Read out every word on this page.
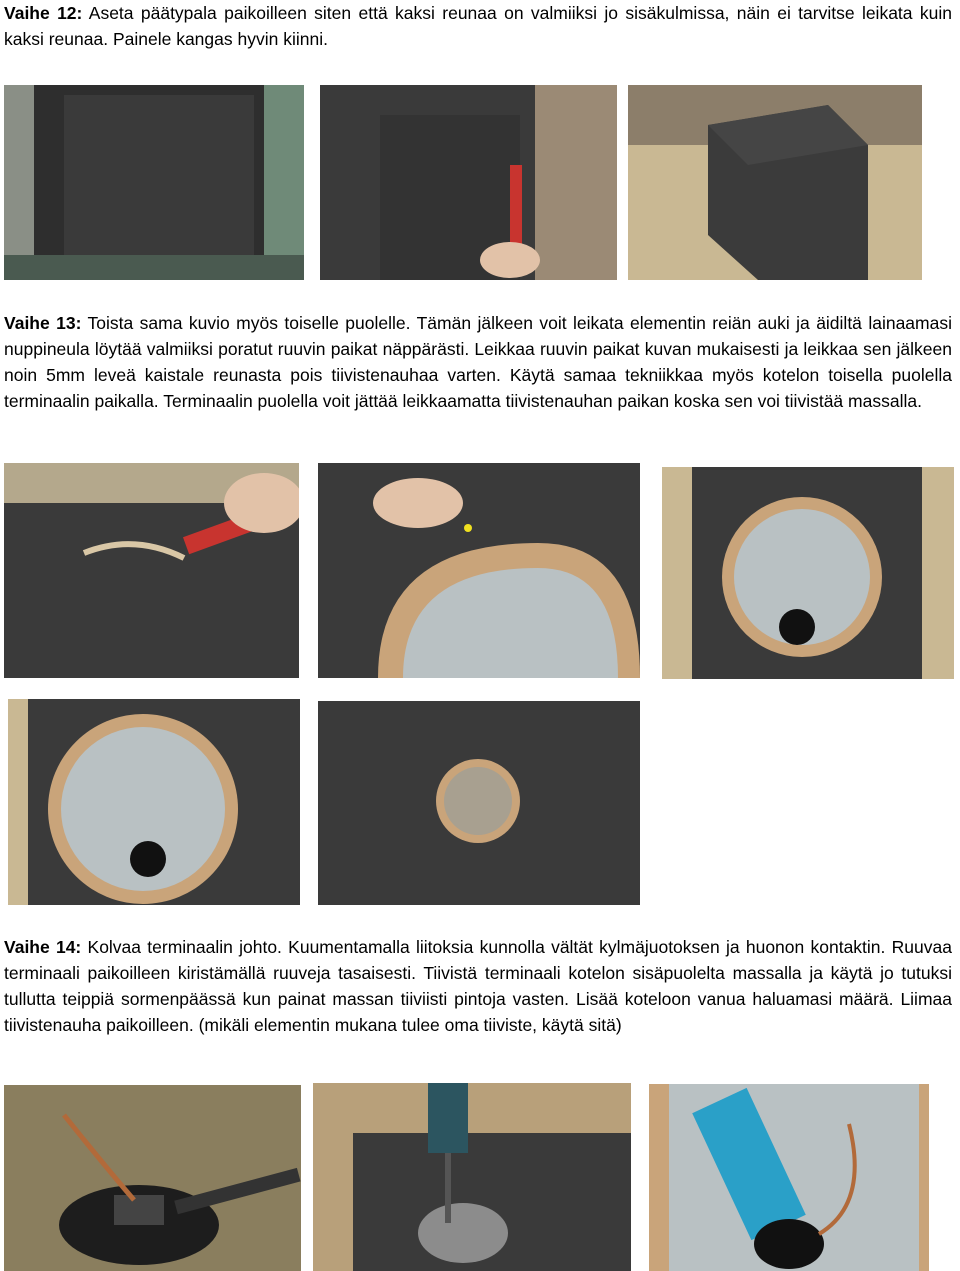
Vaihe 12: Aseta päätypala paikoilleen siten että kaksi reunaa on valmiiksi jo sisäkulmissa, näin ei tarvitse leikata kuin kaksi reunaa. Painele kangas hyvin kiinni.

Vaihe 13: Toista sama kuvio myös toiselle puolelle. Tämän jälkeen voit leikata elementin reiän auki ja äidiltä lainaamasi nuppineula löytää valmiiksi poratut ruuvin paikat näppärästi. Leikkaa ruuvin paikat kuvan mukaisesti ja leikkaa sen jälkeen noin 5mm leveä kaistale reunasta pois tiivistenauhaa varten. Käytä samaa tekniikkaa myös kotelon toisella puolella terminaalin paikalla. Terminaalin puolella voit jättää leikkaamatta tiivistenauhan paikan koska sen voi tiivistää massalla.

Vaihe 14: Kolvaa terminaalin johto. Kuumentamalla liitoksia kunnolla vältät kylmäjuotoksen ja huonon kontaktin. Ruuvaa terminaali paikoilleen kiristämällä ruuveja tasaisesti. Tiivistä terminaali kotelon sisäpuolelta massalla ja käytä jo tutuksi tullutta teippiä sormenpäässä kun painat massan tiiviisti pintoja vasten. Lisää koteloon vanua haluamasi määrä. Liimaa tiivistenauha paikoilleen. (mikäli elementin mukana tulee oma tiiviste, käytä sitä)
